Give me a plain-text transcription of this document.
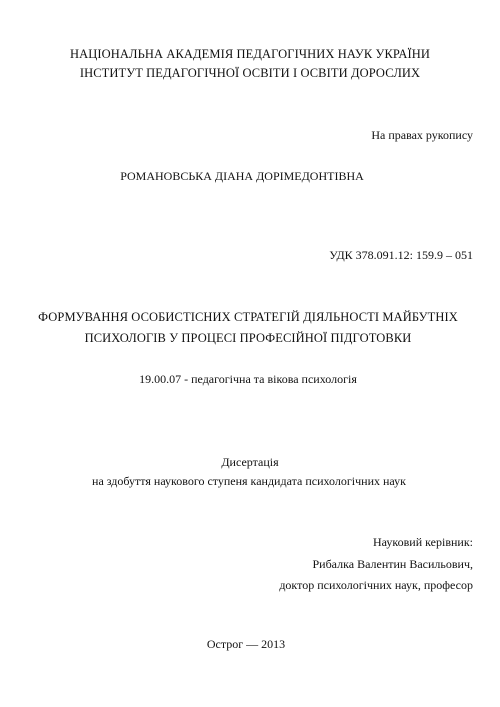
НАЦІОНАЛЬНА АКАДЕМІЯ ПЕДАГОГІЧНИХ НАУК УКРАЇНИ
ІНСТИТУТ ПЕДАГОГІЧНОЇ ОСВІТИ І ОСВІТИ ДОРОСЛИХ
На правах рукопису
РОМАНОВСЬКА ДІАНА ДОРІМЕДОНТІВНА
УДК 378.091.12: 159.9 – 051
ФОРМУВАННЯ ОСОБИСТІСНИХ СТРАТЕГІЙ ДІЯЛЬНОСТІ МАЙБУТНІХ
ПСИХОЛОГІВ У ПРОЦЕСІ ПРОФЕСІЙНОЇ ПІДГОТОВКИ
19.00.07 - педагогічна та вікова психологія
Дисертація
на здобуття наукового ступеня кандидата психологічних наук
Науковий керівник:
Рибалка Валентин Васильович,
доктор психологічних наук, професор
Острог — 2013
